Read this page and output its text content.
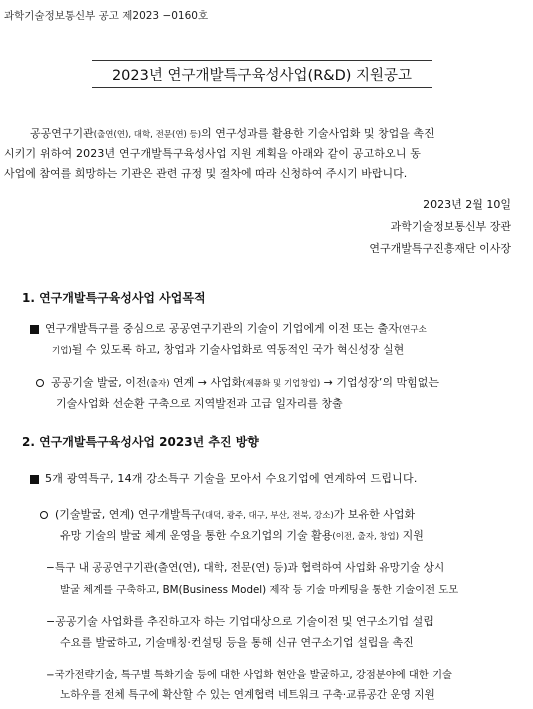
과학기술정보통신부 공고 제2023 −0160호
2023년 연구개발특구육성사업(R&D) 지원공고
공공연구기관(출연(연), 대학, 전문(연) 등)의 연구성과를 활용한 기술사업화 및 창업을 촉진
시키기 위하여 2023년 연구개발특구육성사업 지원 계획을 아래와 같이 공고하오니 동
사업에 참여를 희망하는 기관은 관련 규정 및 절차에 따라 신청하여 주시기 바랍니다.
2023년 2월 10일
과학기술정보통신부 장관
연구개발특구진흥재단 이사장
1. 연구개발특구육성사업 사업목적
연구개발특구를 중심으로 공공연구기관의 기술이 기업에게 이전 또는 출자(연구소
기업)될 수 있도록 하고, 창업과 기술사업화로 역동적인 국가 혁신성장 실현
공공기술 발굴, 이전(출자) 연계 → 사업화(제품화 및 기업창업) → 기업성장’의 막힘없는
기술사업화 선순환 구축으로 지역발전과 고급 일자리를 창출
2. 연구개발특구육성사업 2023년 추진 방향
5개 광역특구, 14개 강소특구 기술을 모아서 수요기업에 연계하여 드립니다.
(기술발굴, 연계) 연구개발특구(대덕, 광주, 대구, 부산, 전북, 강소)가 보유한 사업화
유망 기술의 발굴 체계 운영을 통한 수요기업의 기술 활용(이전, 출자, 창업) 지원
−특구 내 공공연구기관(출연(연), 대학, 전문(연) 등)과 협력하여 사업화 유망기술 상시
발굴 체계를 구축하고, BM(Business Model) 제작 등 기술 마케팅을 통한 기술이전 도모
−공공기술 사업화를 추진하고자 하는 기업대상으로 기술이전 및 연구소기업 설립
수요를 발굴하고, 기술매칭·컨설팅 등을 통해 신규 연구소기업 설립을 촉진
−국가전략기술, 특구별 특화기술 등에 대한 사업화 현안을 발굴하고, 강점분야에 대한 기술
노하우를 전체 특구에 확산할 수 있는 연계협력 네트워크 구축·교류공간 운영 지원
